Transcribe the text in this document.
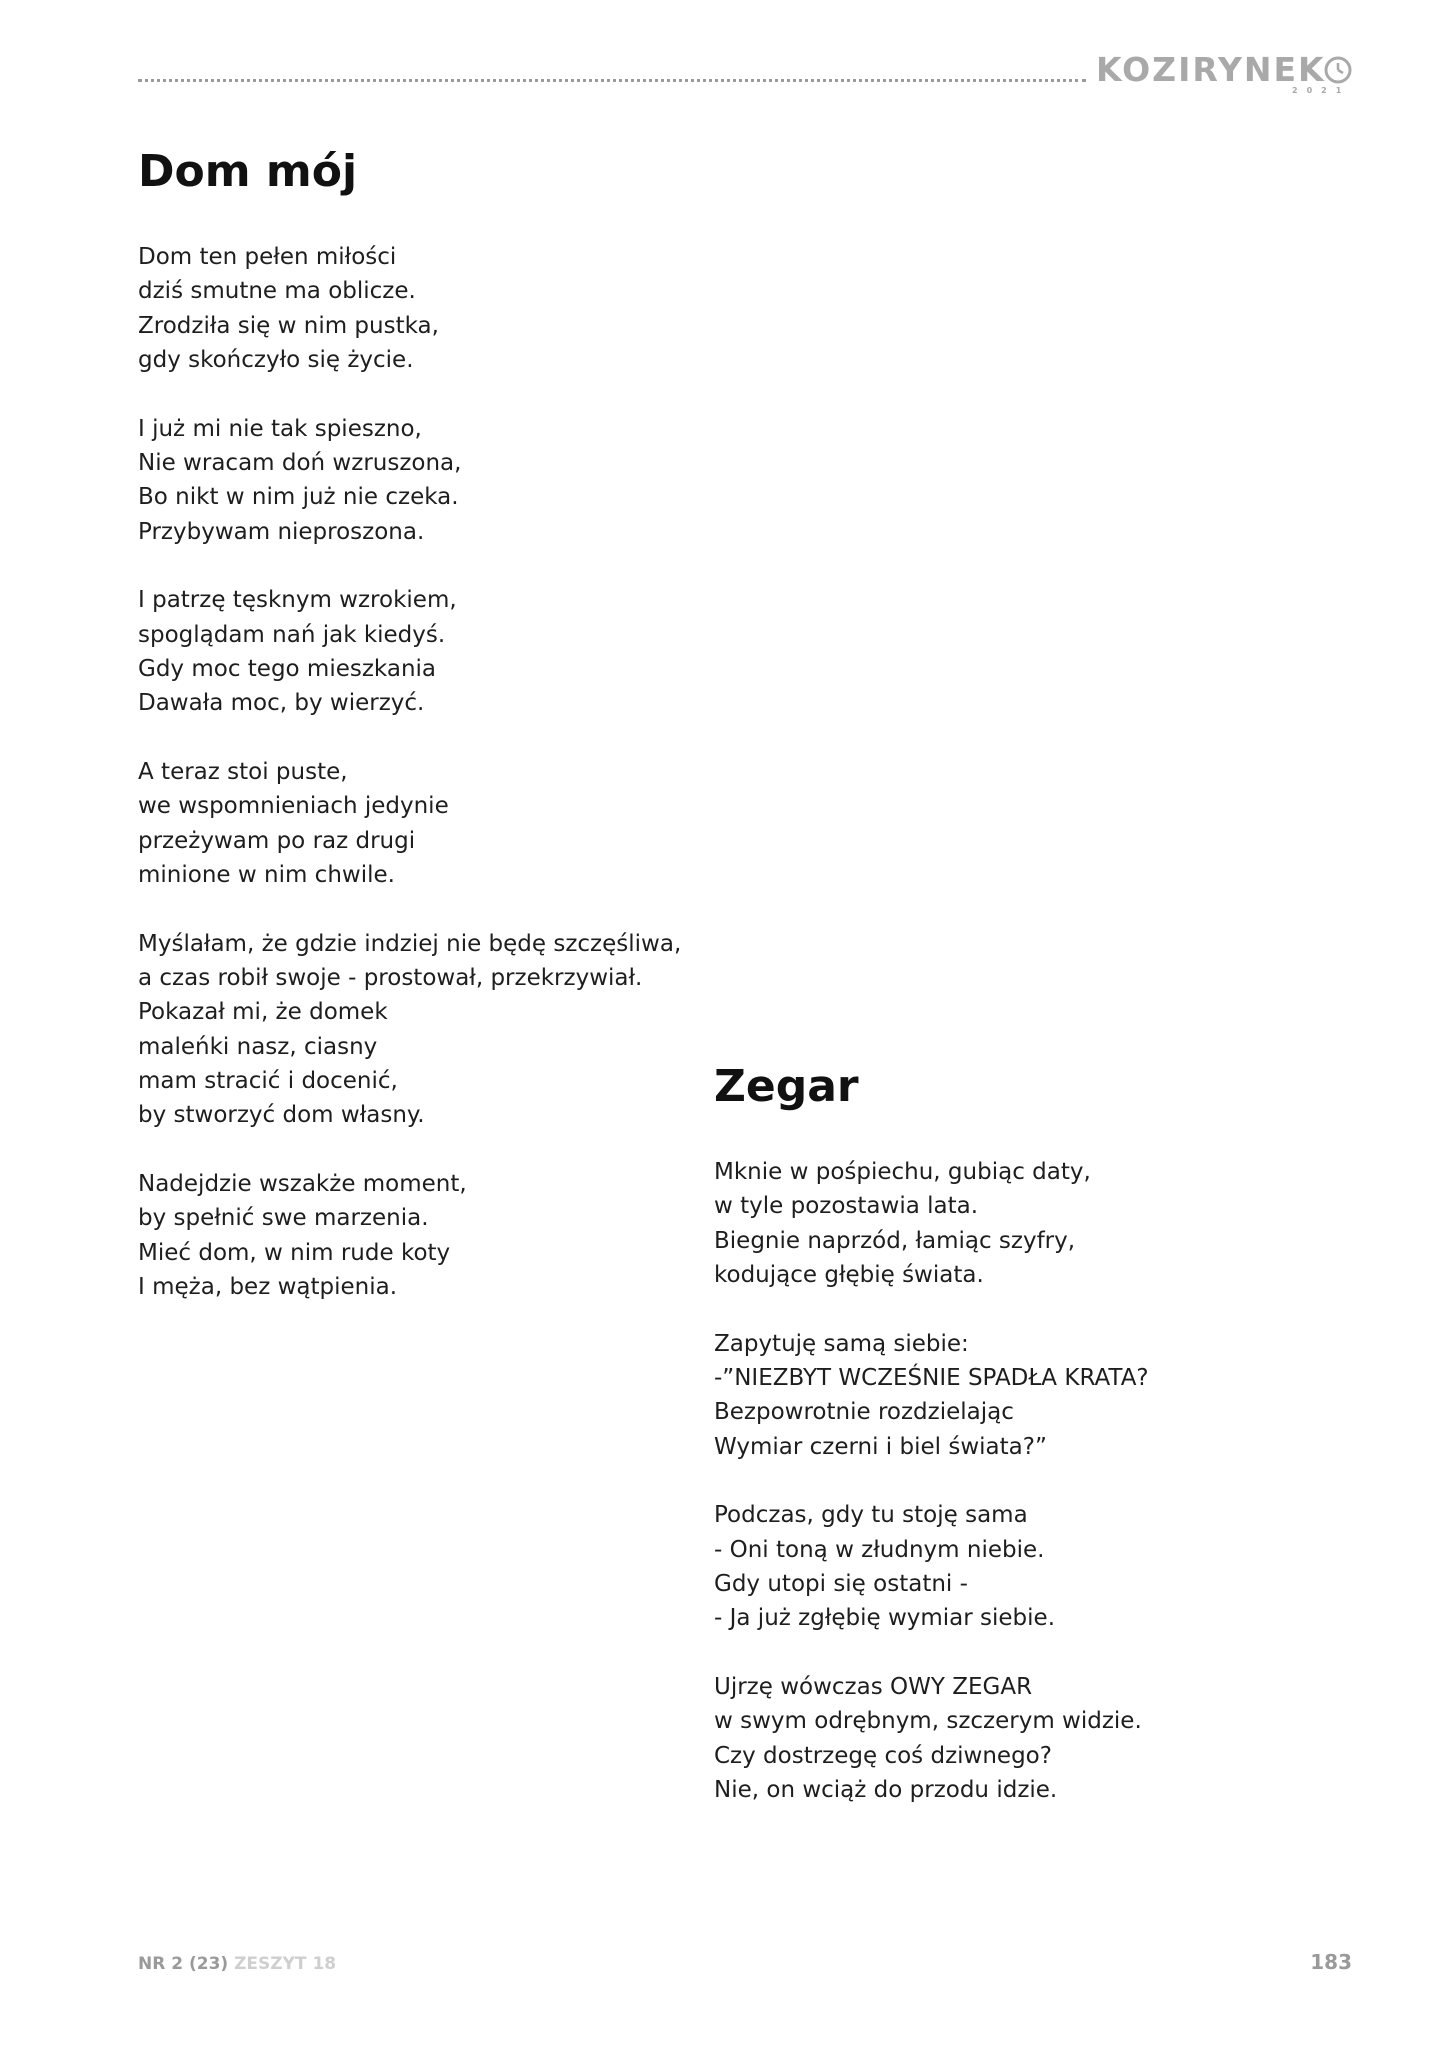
KOZIRYNEK
2021
Dom mój

Dom ten pełen miłości
dziś smutne ma oblicze.
Zrodziła się w nim pustka,
gdy skończyło się życie.

I już mi nie tak spieszno,
Nie wracam doń wzruszona,
Bo nikt w nim już nie czeka.
Przybywam nieproszona.

I patrzę tęsknym wzrokiem,
spoglądam nań jak kiedyś.
Gdy moc tego mieszkania
Dawała moc, by wierzyć.

A teraz stoi puste,
we wspomnieniach jedynie
przeżywam po raz drugi
minione w nim chwile.

Myślałam, że gdzie indziej nie będę szczęśliwa,
a czas robił swoje - prostował, przekrzywiał.
Pokazał mi, że domek
maleńki nasz, ciasny
mam stracić i docenić,
by stworzyć dom własny.

Nadejdzie wszakże moment,
by spełnić swe marzenia.
Mieć dom, w nim rude koty
I męża, bez wątpienia.

Zegar

Mknie w pośpiechu, gubiąc daty,
w tyle pozostawia lata.
Biegnie naprzód, łamiąc szyfry,
kodujące głębię świata.

Zapytuję samą siebie:
-”NIEZBYT WCZEŚNIE SPADŁA KRATA?
Bezpowrotnie rozdzielając
Wymiar czerni i biel świata?”

Podczas, gdy tu stoję sama
- Oni toną w złudnym niebie.
Gdy utopi się ostatni -
- Ja już zgłębię wymiar siebie.

Ujrzę wówczas OWY ZEGAR
w swym odrębnym, szczerym widzie.
Czy dostrzegę coś dziwnego?
Nie, on wciąż do przodu idzie.

NR 2 (23) ZESZYT 18	183
